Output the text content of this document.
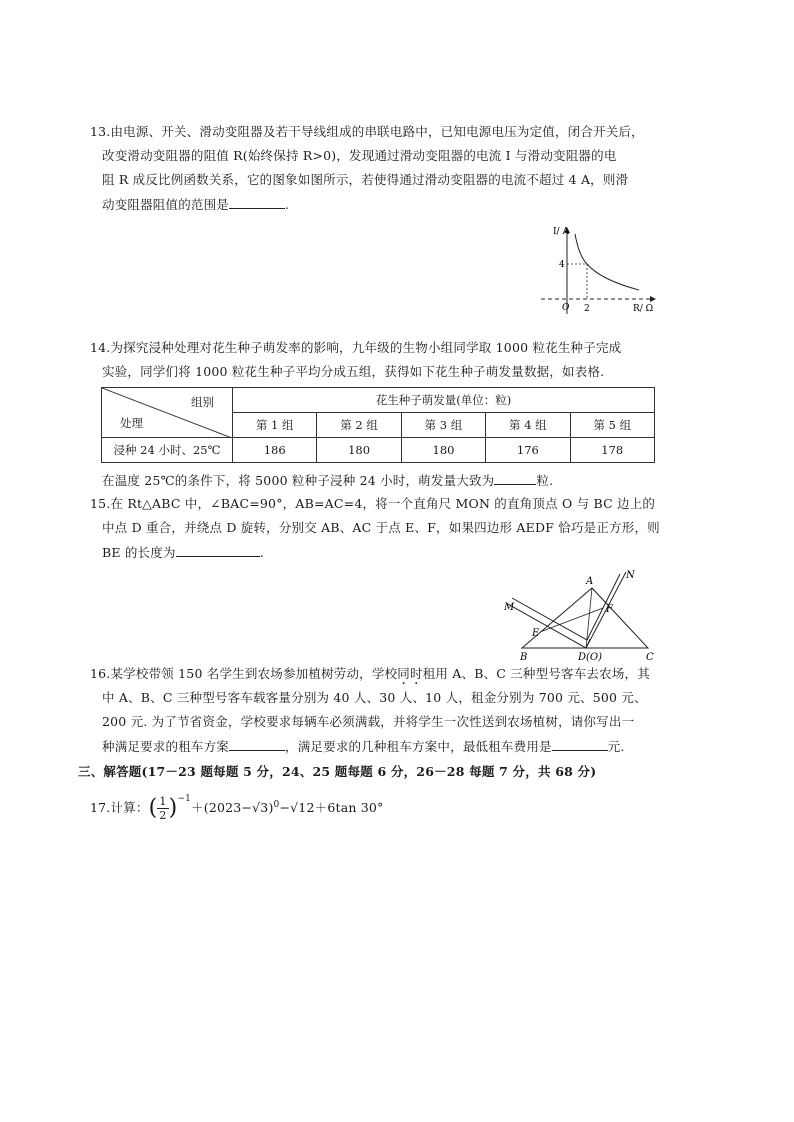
13.由电源、开关、滑动变阻器及若干导线组成的串联电路中，已知电源电压为定值，闭合开关后，
改变滑动变阻器的阻值 R(始终保持 R>0)，发现通过滑动变阻器的电流 I 与滑动变阻器的电
阻 R 成反比例函数关系，它的图象如图所示，若使得通过滑动变阻器的电流不超过 4 A，则滑
动变阻器阻值的范围是	.
I/ A
4
O 2	R/ Ω
14.为探究浸种处理对花生种子萌发率的影响，九年级的生物小组同学取 1000 粒花生种子完成
实验，同学们将 1000 粒花生种子平均分成五组，获得如下花生种子萌发量数据，如表格.
组别
处理	花生种子萌发量(单位：粒)				
	第 1 组	第 2 组	第 3 组	第 4 组	第 5 组
浸种 24 小时、25℃	186	180	180	176	178
在温度 25℃的条件下，将 5000 粒种子浸种 24 小时，萌发量大致为	粒.
15.在 Rt△ABC 中，∠BAC=90°，AB=AC=4，将一个直角尺 MON 的直角顶点 O 与 BC 边上的
中点 D 重合，并绕点 D 旋转，分别交 AB、AC 于点 E、F，如果四边形 AEDF 恰巧是正方形，则
BE 的长度为	.
A
N
M	F
E
B	D(O)	C
16.某学校带领 150 名学生到农场参加植树劳动，学校同时租用 A、B、C 三种型号客车去农场，其
中 A、B、C 三种型号客车载客量分别为 40 人、30 人、10 人，租金分别为 700 元、500 元、
200 元. 为了节省资金，学校要求每辆车必须满载，并将学生一次性送到农场植树，请你写出一
种满足要求的租车方案	，满足要求的几种租车方案中，最低租车费用是	元.
三、解答题(17－23 题每题 5 分，24、25 题每题 6 分，26－28 每题 7 分，共 68 分)
17.计算：( $\frac{1}{2} )^{-1}+(2023-√3)^0-√12+6\tan$ 30°
